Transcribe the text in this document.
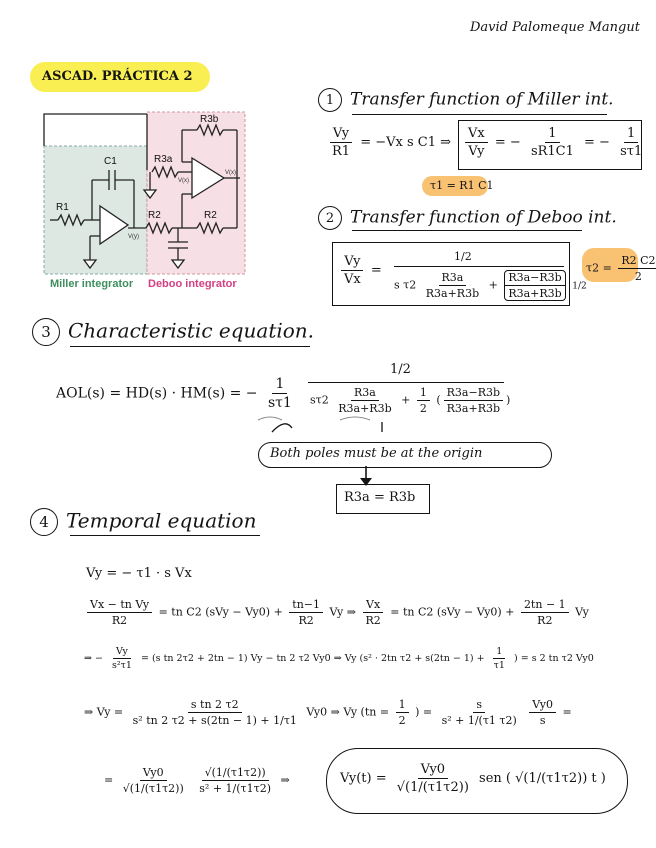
David Palomeque Mangut
ASCAD. PRÁCTICA 2
C1
R1
R2	R2
R3a
R3b
V(y)
V(x)
V(x)
Miller integrator Deboo integrator
1 Transfer function of Miller int.
$\frac{Vy}{R1} = -Vx$ s C1 ⇒ $\frac{Vx}{Vy}$ = − $\frac{1}{sR1C1}$ = − $\frac{1}{s\tau 1}$
τ1 = R1 C1
2 Transfer function of Deboo int.
$\frac{Vy}{Vx}$ =
1/2
s $\tau 2 \frac{R3a}{R3a+R3b} + \frac{R3a-R3b}{R3a+R3b} 1/2$
$\tau 2 = \frac{R2 C2}{2}$
3 Characteristic equation.
AOL(s) = HD(s) · HM(s) = − $\frac{1}{s\tau 1}$
1/2
$s\tau 2 \frac{R3a}{R3a+R3b} + \frac{1}{2}$ ( $\frac{R3a-R3b}{R3a+R3b}$ )
Both poles must be at the origin
R3a = R3b
4 Temporal equation
Vy = − τ1 · s Vx
$\frac{\text{Vx − tn Vy}}{R2}$ = tn C2 $(sVy - Vy0) + \frac{tn-1}{R2}$ Vy ⇒ $\frac{Vx}{R2}$ = tn C2 $(sVy - Vy0) + \frac{2tn - 1}{R2}$ Vy
⇒ − $\frac{Vy}{\text{s²τ1}} = (s$ tn 2τ2 + 2tn − 1) Vy − tn 2 τ2 Vy0 ⇒ Vy (s² · 2tn $\tau 2 + s(2tn - 1) + \frac{1}{\tau 1}$ ) = s 2 tn τ2 Vy0
⇒ $Vy = \frac{\text{s tn 2 τ2}}{\text{s² tn 2 τ2 + s(2tn − 1) + 1/τ1}} Vy0$ ⇒ Vy ($tn = \frac{1}{2}$ ) = $\frac{s}{\text{s² + 1/(τ1 τ2)}}$
$\frac{Vy0}{s}$ =
= $\frac{Vy0}{√(1/(\tau 1\tau 2))}$
$\frac{√(1/(\tau 1\tau 2))}{\text{s² + 1/(τ1τ2)}}$ ⇒	$Vy(t) = \frac{Vy0}{√(1/(\tau 1\tau 2))}$ sen ( √(1/(τ1τ2)) t )
